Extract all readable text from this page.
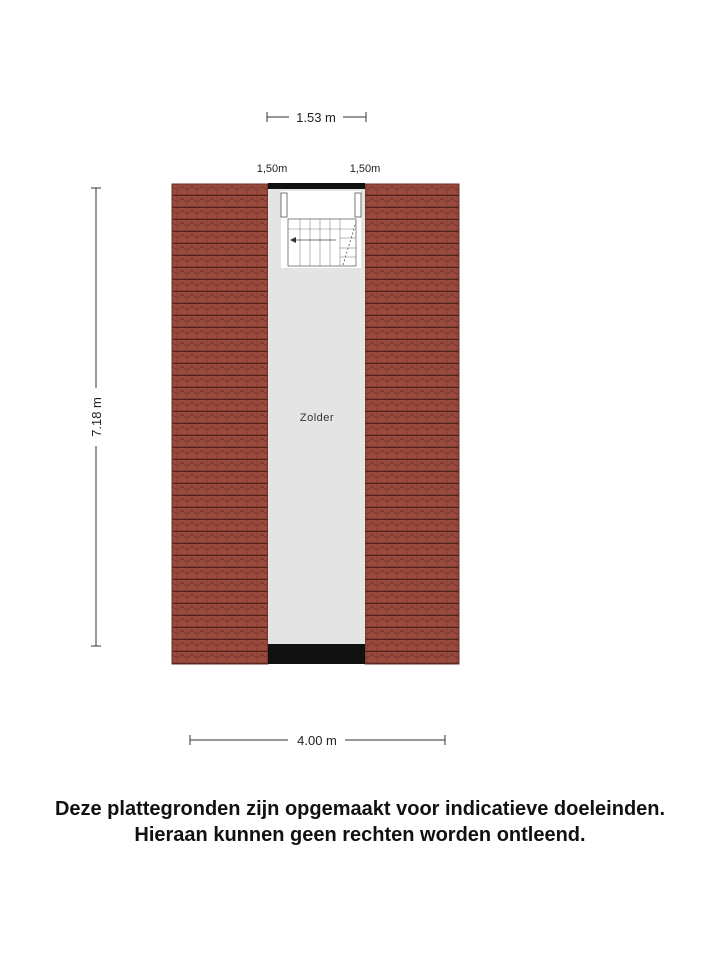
1.53 m
1,50m	1,50m
7.18 m	Zolder
4.00 m
Deze plattegronden zijn opgemaakt voor indicatieve doeleinden.
Hieraan kunnen geen rechten worden ontleend.
